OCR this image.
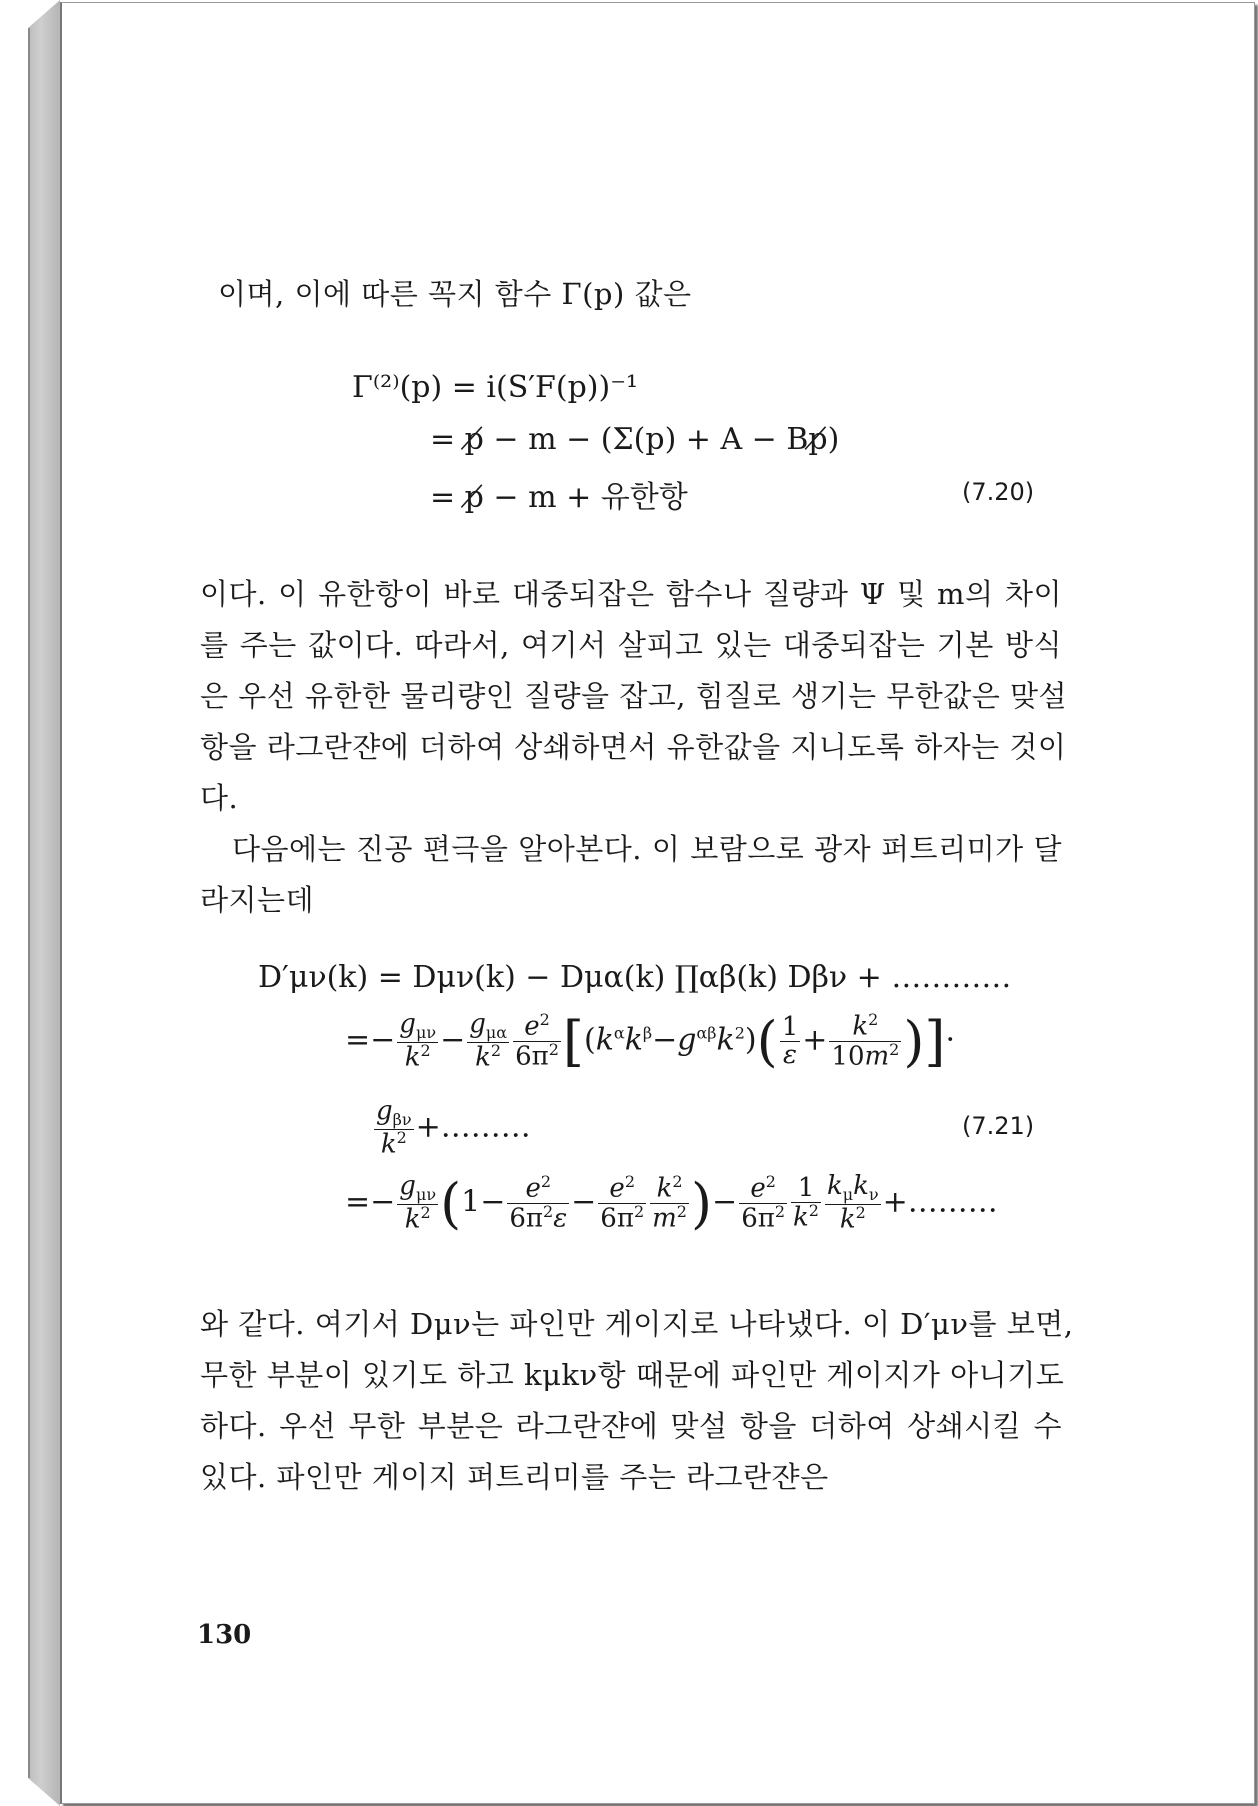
이며, 이에 따른 꼭지 함수 Γ(p) 값은
Γ⁽²⁾(p) = i(S′F(p))⁻¹
= p̸ − m − (Σ(p) + A − Bp̸)
= p̸ − m + 유한항	(7.20)
이다. 이 유한항이 바로 대중되잡은 함수나 질량과 Ψ 및 m의 차이
를 주는 값이다. 따라서, 여기서 살피고 있는 대중되잡는 기본 방식
은 우선 유한한 물리량인 질량을 잡고, 힘질로 생기는 무한값은 맞설
항을 라그란쟌에 더하여 상쇄하면서 유한값을 지니도록 하자는 것이
다.
다음에는 진공 편극을 알아본다. 이 보람으로 광자 퍼트리미가 달
라지는데
D′μν(k) = Dμν(k) − Dμα(k) ∏αβ(k) Dβν + …………
=− $\frac{g_{\mu\nu}}{k^2} - \frac{g_{\mu\alpha}}{k^2} \frac{e^2}{6\pi^2} [(k^\alpha k^\beta-g^{\alpha\beta}k^2)( \frac{1}{\varepsilon} + \frac{k^2}{10m^2}$ )]·
$\frac{g_{\beta\nu}}{k^2}$ +………	(7.21)
=− $\frac{g_{\mu\nu}}{k^2} (1- \frac{e^2}{6\pi^2\varepsilon} - \frac{e^2}{6\pi^2} \frac{k^2}{m^2}$ )− $\frac{e^2}{6\pi^2} \frac{1}{k^2} \frac{k_\mu k_\nu}{k^2}$ +………
와 같다. 여기서 Dμν는 파인만 게이지로 나타냈다. 이 D′μν를 보면,
무한 부분이 있기도 하고 kμkν항 때문에 파인만 게이지가 아니기도
하다. 우선 무한 부분은 라그란쟌에 맞설 항을 더하여 상쇄시킬 수
있다. 파인만 게이지 퍼트리미를 주는 라그란쟌은
130
